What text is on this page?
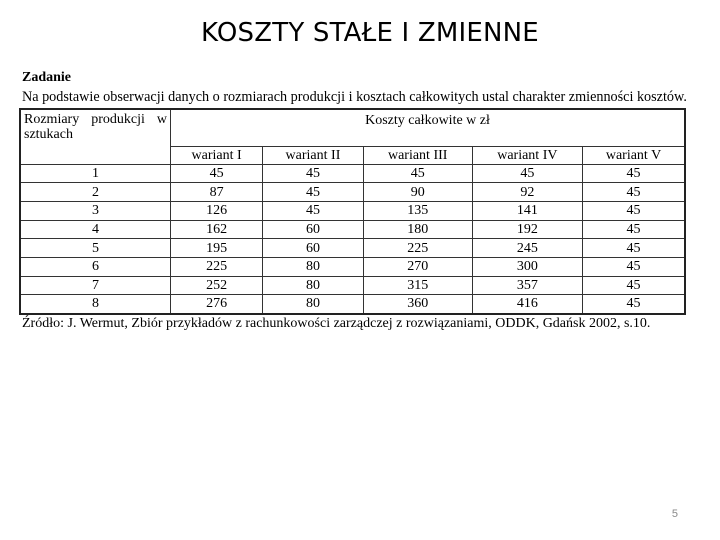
KOSZTY STAŁE I ZMIENNE
Zadanie
Na podstawie obserwacji danych o rozmiarach produkcji i kosztach całkowitych ustal charakter zmienności kosztów.
Rozmiary produkcji w
sztukach	Koszty całkowite w zł				
	wariant I	wariant II	wariant III	wariant IV	wariant V
1	45	45	45	45	45
2	87	45	90	92	45
3	126	45	135	141	45
4	162	60	180	192	45
5	195	60	225	245	45
6	225	80	270	300	45
7	252	80	315	357	45
8	276	80	360	416	45
Źródło: J. Wermut, Zbiór przykładów z rachunkowości zarządczej z rozwiązaniami, ODDK, Gdańsk 2002, s.10.
5
